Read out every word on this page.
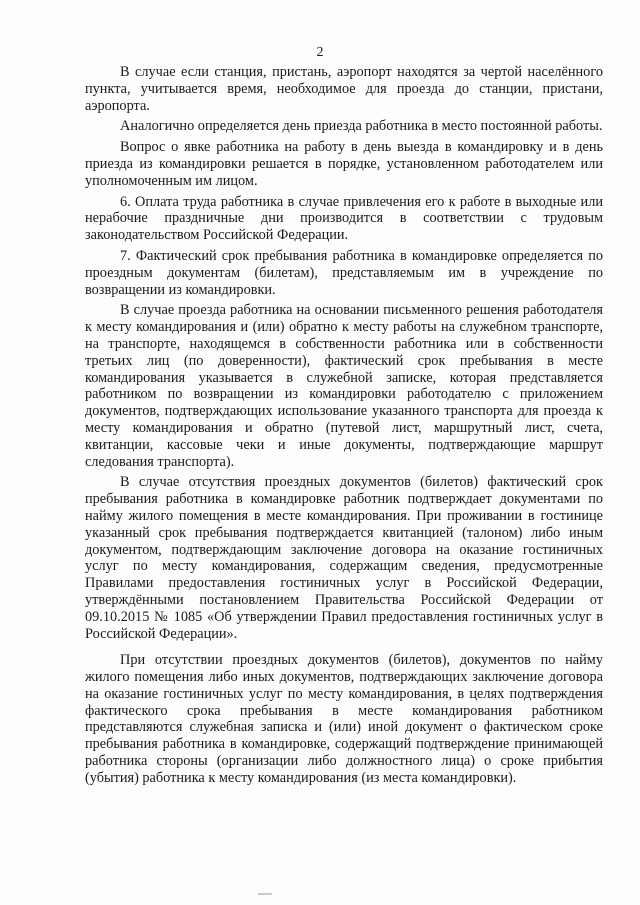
2

В случае если станция, пристань, аэропорт находятся за чертой населённого пункта, учитывается время, необходимое для проезда до станции, пристани, аэропорта.

Аналогично определяется день приезда работника в место постоянной работы.

Вопрос о явке работника на работу в день выезда в командировку и в день приезда из командировки решается в порядке, установленном работодателем или уполномоченным им лицом.

6. Оплата труда работника в случае привлечения его к работе в выходные или нерабочие праздничные дни производится в соответствии с трудовым законодательством Российской Федерации.

7. Фактический срок пребывания работника в командировке определяется по проездным документам (билетам), представляемым им в учреждение по возвращении из командировки.

В случае проезда работника на основании письменного решения работодателя к месту командирования и (или) обратно к месту работы на служебном транспорте, на транспорте, находящемся в собственности работника или в собственности третьих лиц (по доверенности), фактический срок пребывания в месте командирования указывается в служебной записке, которая представляется работником по возвращении из командировки работодателю с приложением документов, подтверждающих использование указанного транспорта для проезда к месту командирования и обратно (путевой лист, маршрутный лист, счета, квитанции, кассовые чеки и иные документы, подтверждающие маршрут следования транспорта).

В случае отсутствия проездных документов (билетов) фактический срок пребывания работника в командировке работник подтверждает документами по найму жилого помещения в месте командирования. При проживании в гостинице указанный срок пребывания подтверждается квитанцией (талоном) либо иным документом, подтверждающим заключение договора на оказание гостиничных услуг по месту командирования, содержащим сведения, предусмотренные Правилами предоставления гостиничных услуг в Российской Федерации, утверждёнными постановлением Правительства Российской Федерации от 09.10.2015 № 1085 «Об утверждении Правил предоставления гостиничных услуг в Российской Федерации».

При отсутствии проездных документов (билетов), документов по найму жилого помещения либо иных документов, подтверждающих заключение договора на оказание гостиничных услуг по месту командирования, в целях подтверждения фактического срока пребывания в месте командирования работником представляются служебная записка и (или) иной документ о фактическом сроке пребывания работника в командировке, содержащий подтверждение принимающей работника стороны (организации либо должностного лица) о сроке прибытия (убытия) работника к месту командирования (из места командировки).
